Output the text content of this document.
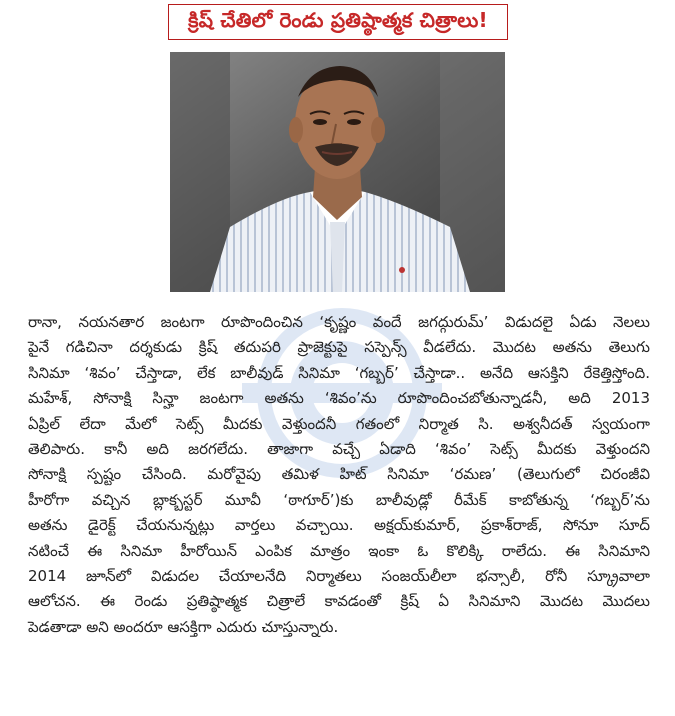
క్రిష్ చేతిలో రెండు ప్రతిష్ఠాత్మక చిత్రాలు!
రానా, నయనతార జంటగా రూపొందించిన ‘కృష్ణం వందే జగద్గురుమ్’ విడుదలై ఏడు నెలలు
పైనే గడిచినా దర్శకుడు క్రిష్ తదుపరి ప్రాజెక్టుపై సస్పెన్స్ వీడలేదు. మొదట అతను తెలుగు
సినిమా ‘శివం’ చేస్తాడా, లేక బాలీవుడ్ సినిమా ‘గబ్బర్’ చేస్తాడా.. అనేది ఆసక్తిని రేకెత్తిస్తోంది.
మహేశ్, సోనాక్షి సిన్హా జంటగా అతను ‘శివం’ను రూపొందించబోతున్నాడనీ, అది 2013
ఏప్రిల్ లేదా మేలో సెట్స్ మీదకు వెళ్తుందనీ గతంలో నిర్మాత సి. అశ్వనీదత్ స్వయంగా
తెలిపారు. కానీ అది జరగలేదు. తాజాగా వచ్చే ఏడాది ‘శివం’ సెట్స్ మీదకు వెళ్తుందని
సోనాక్షి స్పష్టం చేసింది. మరోవైపు తమిళ హిట్ సినిమా ‘రమణ’ (తెలుగులో చిరంజీవి
హీరోగా వచ్చిన బ్లాక్బస్టర్ మూవీ ‘ఠాగూర్’)కు బాలీవుడ్లో రీమేక్ కాబోతున్న ‘గబ్బర్’ను
అతను డైరెక్ట్ చేయనున్నట్లు వార్తలు వచ్చాయి. అక్షయ్‌కుమార్, ప్రకాశ్‌రాజ్, సోనూ సూద్
నటించే ఈ సినిమా హీరోయిన్ ఎంపిక మాత్రం ఇంకా ఓ కొలిక్కి రాలేదు. ఈ సినిమాని
2014 జూన్‌లో విడుదల చేయాలనేది నిర్మాతలు సంజయ్‌లీలా భన్సాలీ, రోనీ స్క్రూవాలా
ఆలోచన. ఈ రెండు ప్రతిష్ఠాత్మక చిత్రాలే కావడంతో క్రిష్ ఏ సినిమాని మొదట మొదలు
పెడతాడా అని అందరూ ఆసక్తిగా ఎదురు చూస్తున్నారు.
